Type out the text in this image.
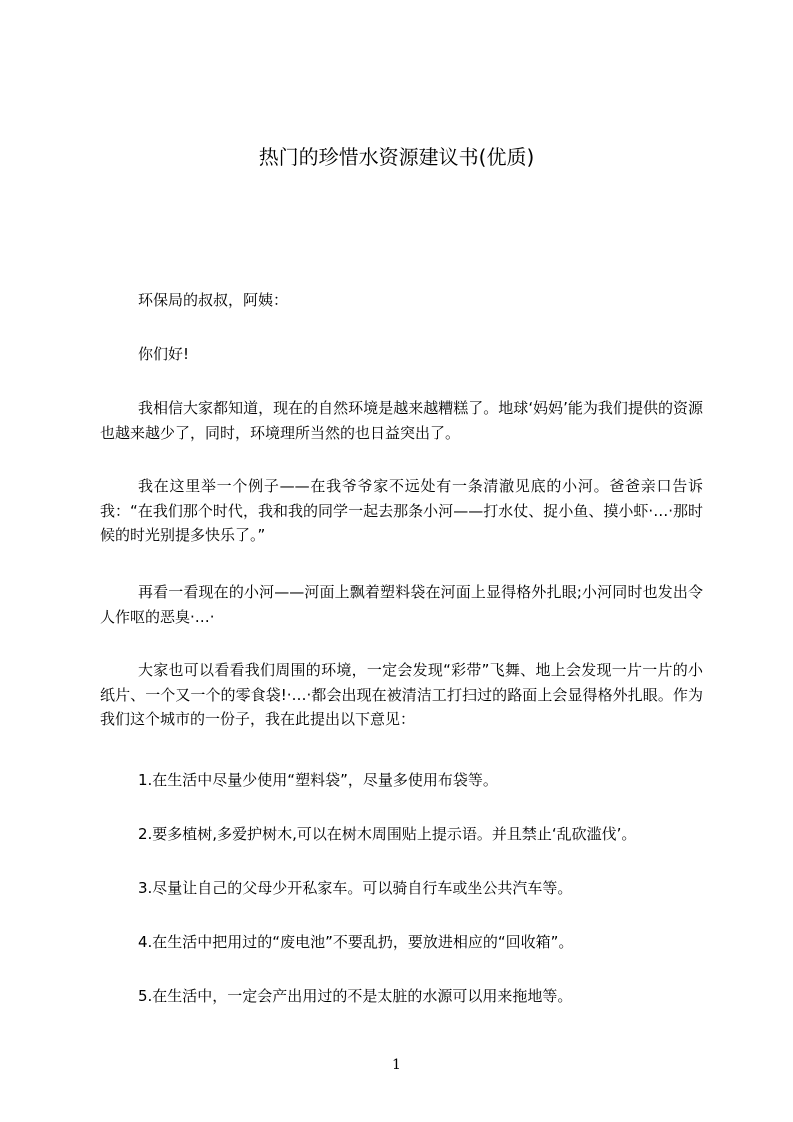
热门的珍惜水资源建议书(优质)

环保局的叔叔，阿姨：

你们好!

我相信大家都知道，现在的自然环境是越来越糟糕了。地球‘妈妈’能为我们提供的资源也越来越少了，同时，环境理所当然的也日益突出了。

我在这里举一个例子——在我爷爷家不远处有一条清澈见底的小河。爸爸亲口告诉我：“在我们那个时代，我和我的同学一起去那条小河——打水仗、捉小鱼、摸小虾·…·那时候的时光别提多快乐了。”

再看一看现在的小河——河面上飘着塑料袋在河面上显得格外扎眼;小河同时也发出令人作呕的恶臭·…·

大家也可以看看我们周围的环境，一定会发现“彩带”飞舞、地上会发现一片一片的小纸片、一个又一个的零食袋!·…·都会出现在被清洁工打扫过的路面上会显得格外扎眼。作为我们这个城市的一份子，我在此提出以下意见：

1.在生活中尽量少使用“塑料袋”，尽量多使用布袋等。

2.要多植树,多爱护树木,可以在树木周围贴上提示语。并且禁止‘乱砍滥伐’。

3.尽量让自己的父母少开私家车。可以骑自行车或坐公共汽车等。

4.在生活中把用过的“废电池”不要乱扔，要放进相应的“回收箱”。

5.在生活中，一定会产出用过的不是太脏的水源可以用来拖地等。

1
